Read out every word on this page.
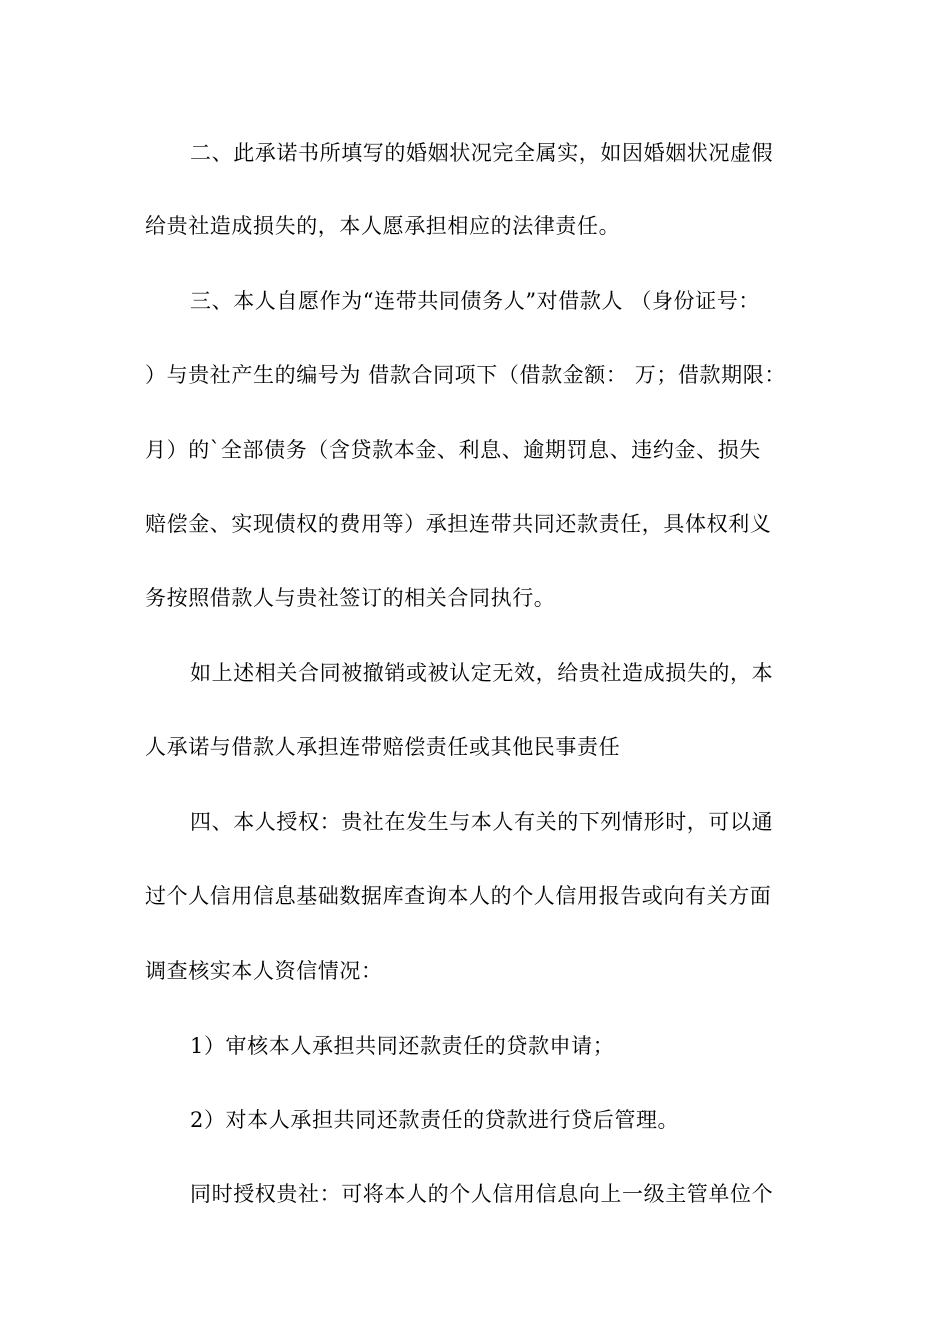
二、此承诺书所填写的婚姻状况完全属实，如因婚姻状况虚假
给贵社造成损失的，本人愿承担相应的法律责任。
三、本人自愿作为“连带共同债务人”对借款人 （身份证号：
）与贵社产生的编号为 借款合同项下（借款金额： 万；借款期限：
月）的`全部债务（含贷款本金、利息、逾期罚息、违约金、损失
赔偿金、实现债权的费用等）承担连带共同还款责任，具体权利义
务按照借款人与贵社签订的相关合同执行。
如上述相关合同被撤销或被认定无效，给贵社造成损失的，本
人承诺与借款人承担连带赔偿责任或其他民事责任
四、本人授权：贵社在发生与本人有关的下列情形时，可以通
过个人信用信息基础数据库查询本人的个人信用报告或向有关方面
调查核实本人资信情况：
1）审核本人承担共同还款责任的贷款申请；
2）对本人承担共同还款责任的贷款进行贷后管理。
同时授权贵社：可将本人的个人信用信息向上一级主管单位个
